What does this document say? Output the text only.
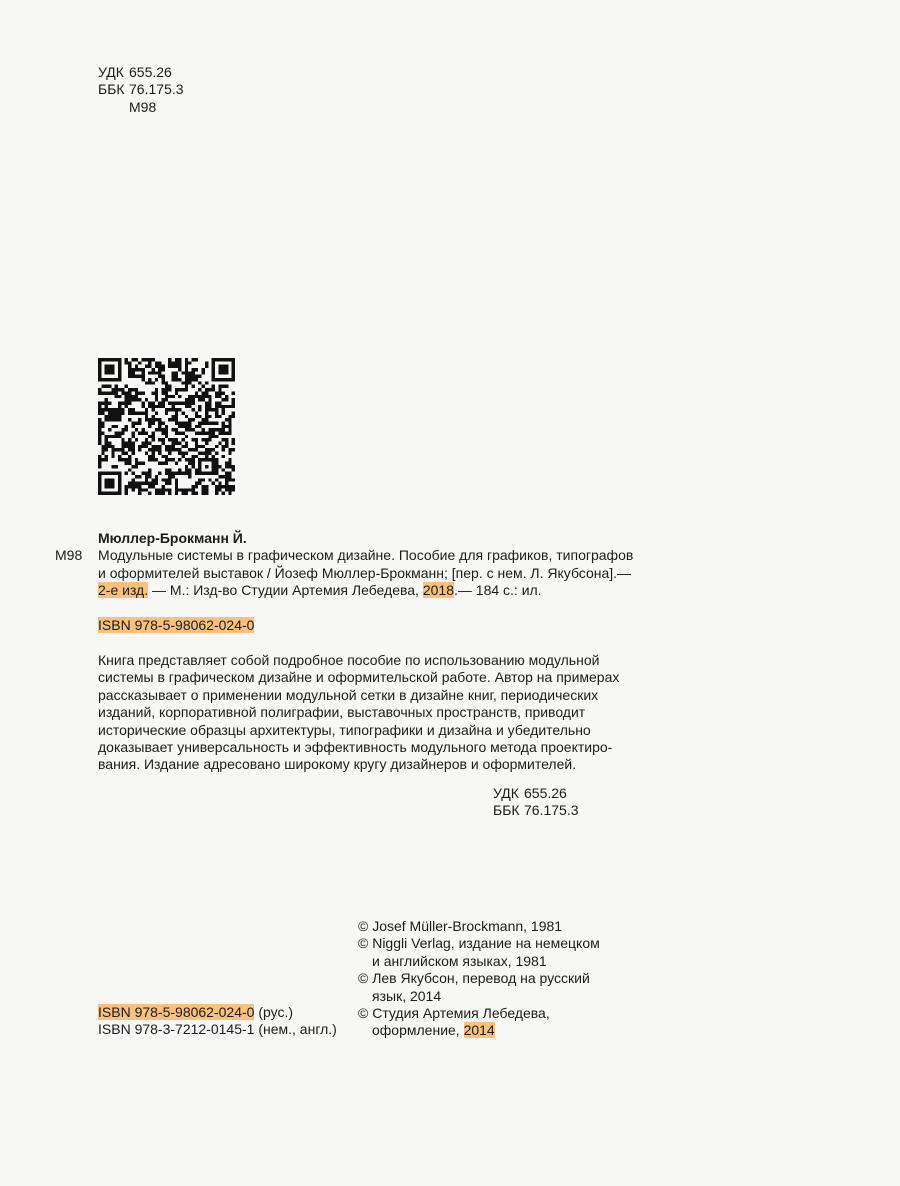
УДК 655.26
ББК 76.175.3
М98
М98
Мюллер-Брокманн Й.
Модульные системы в графическом дизайне. Пособие для графиков, типографов
и оформителей выставок / Йозеф Мюллер-Брокманн; [пер. с нем. Л. Якубсона].—
2-е изд. — М.: Изд-во Студии Артемия Лебедева, 2018.— 184 с.: ил.
ISBN 978-5-98062-024-0
Книга представляет собой подробное пособие по использованию модульной
системы в графическом дизайне и оформительской работе. Автор на примерах
рассказывает о применении модульной сетки в дизайне книг, периодических
изданий, корпоративной полиграфии, выставочных пространств, приводит
исторические образцы архитектуры, типографики и дизайна и убедительно
доказывает универсальность и эффективность модульного метода проектиро-
вания. Издание адресовано широкому кругу дизайнеров и оформителей.
УДК 655.26
ББК 76.175.3
© Josef Müller-Brockmann, 1981
© Niggli Verlag, издание на немецком
и английском языках, 1981
© Лев Якубсон, перевод на русский
язык, 2014
© Студия Артемия Лебедева,
оформление, 2014
ISBN 978-5-98062-024-0 (рус.)
ISBN 978-3-7212-0145-1 (нем., англ.)
